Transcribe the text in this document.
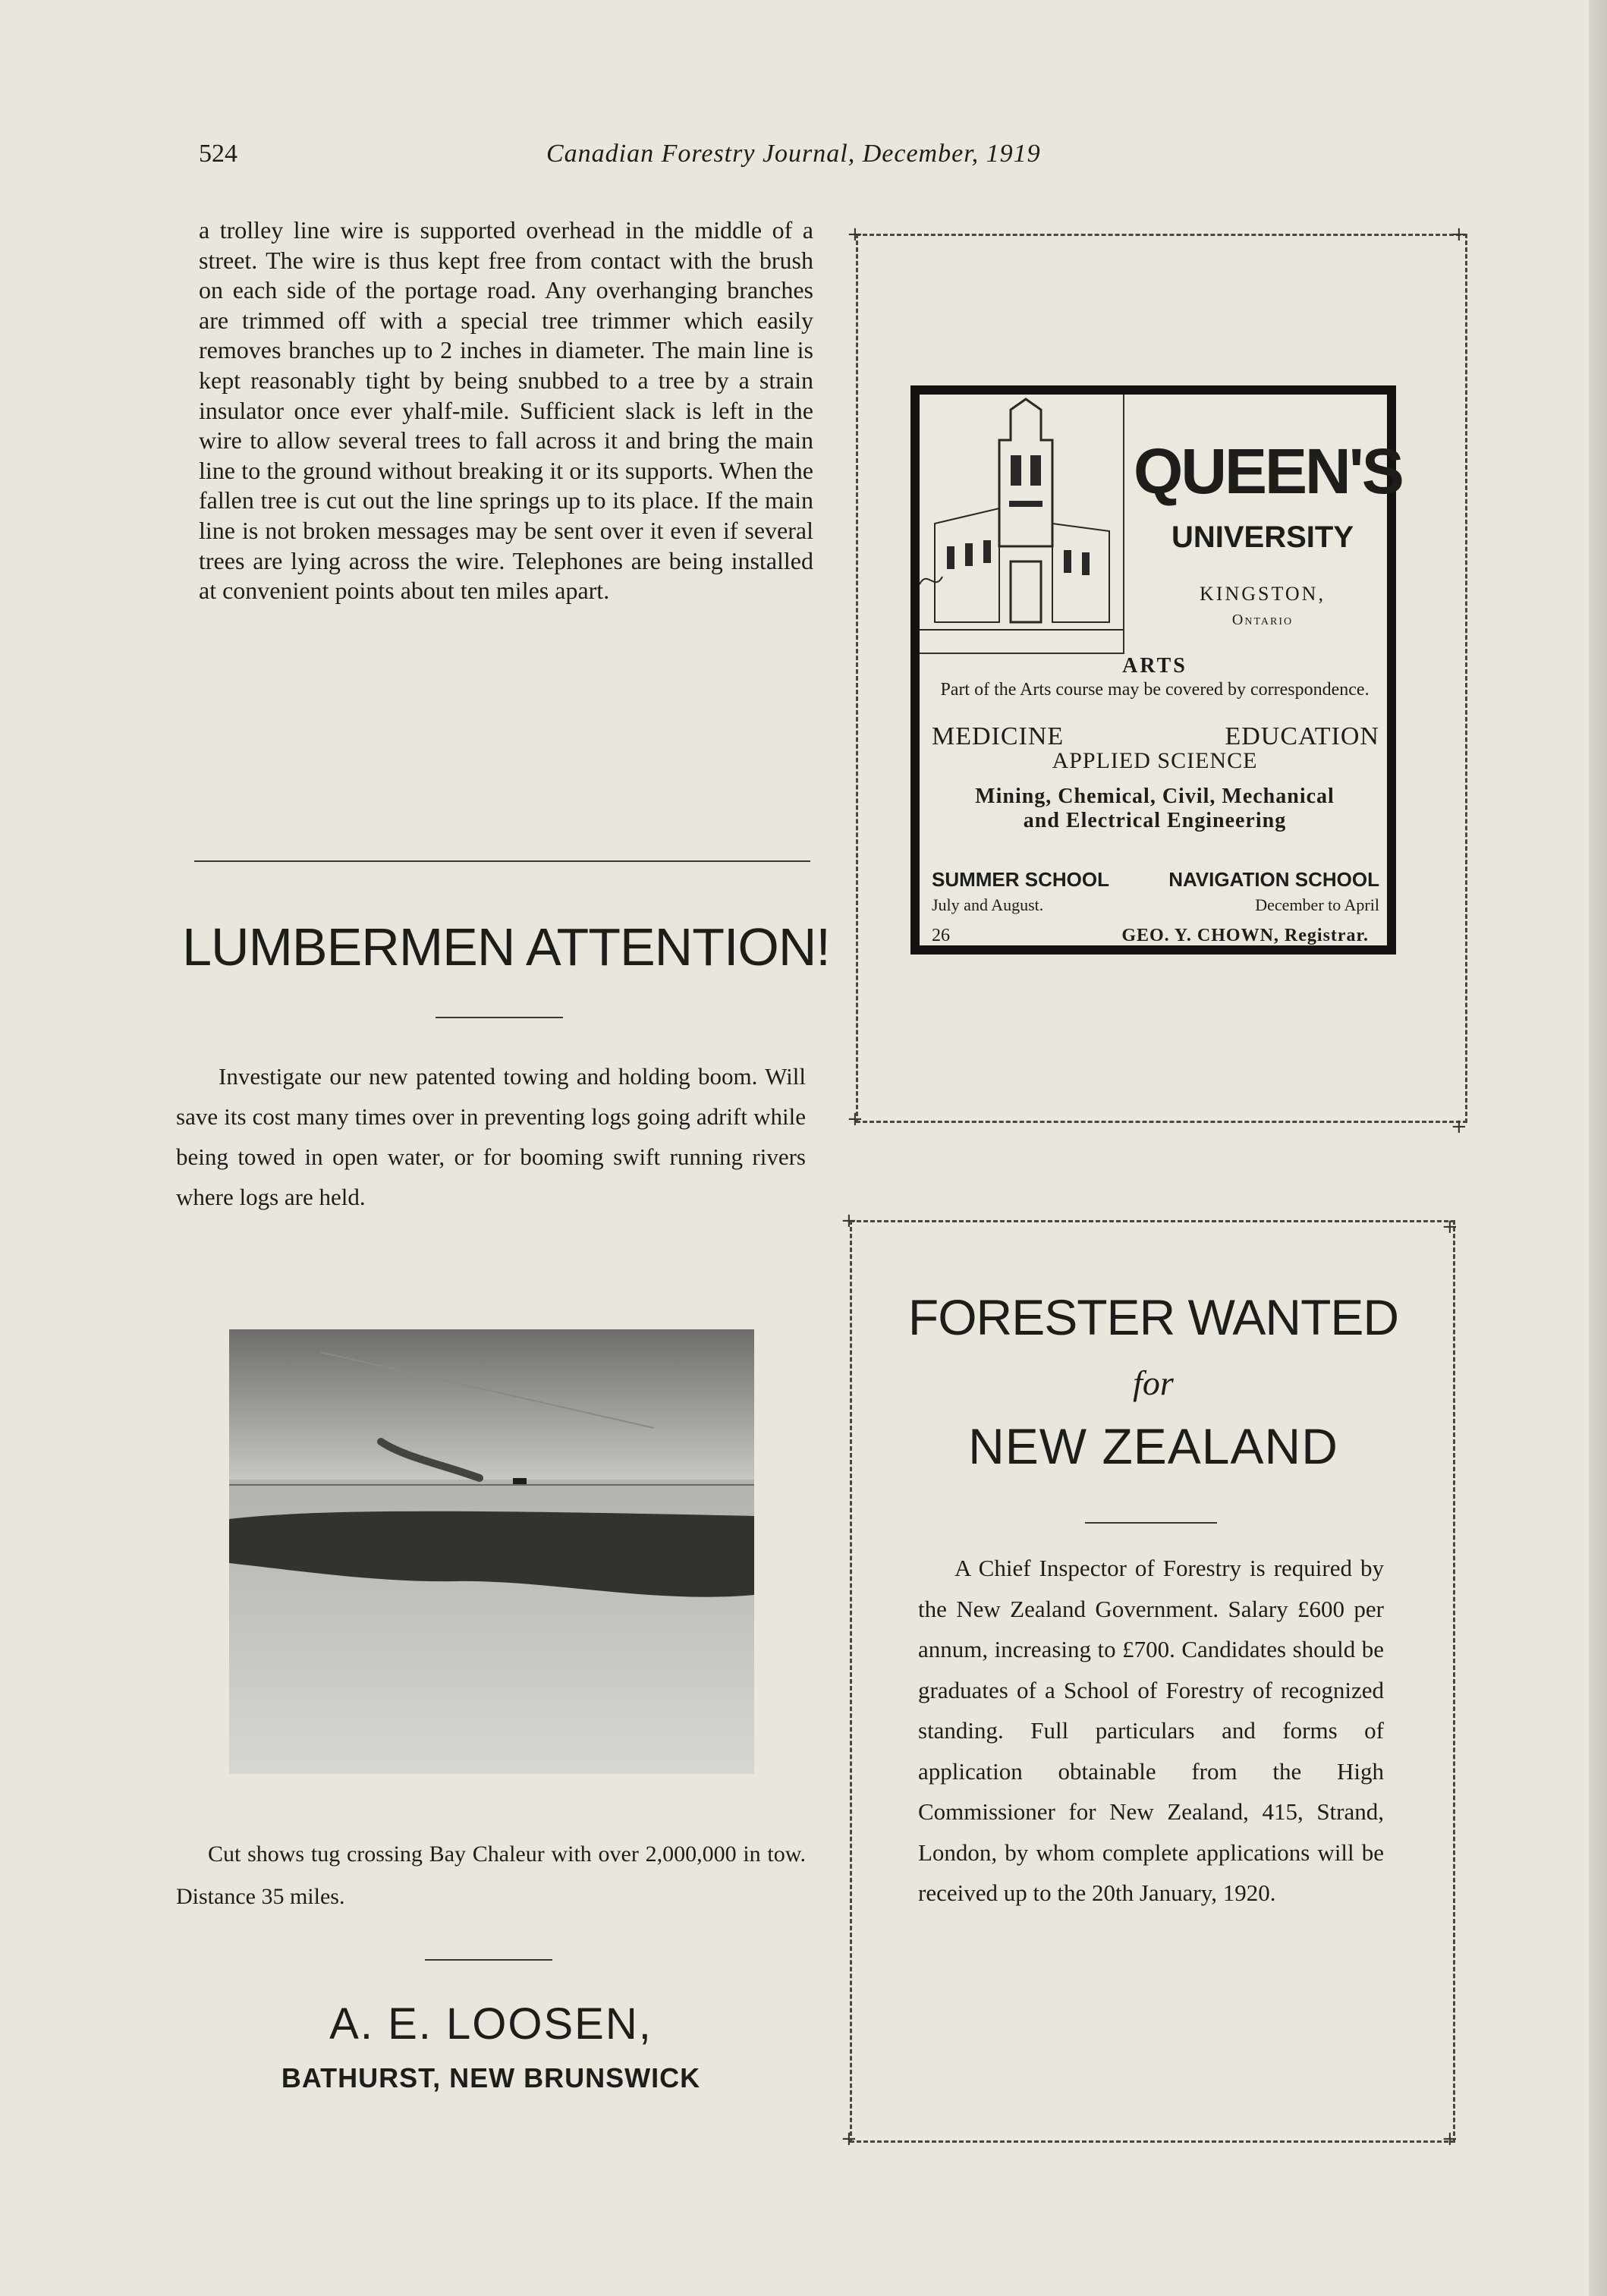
524	Canadian Forestry Journal, December, 1919
a trolley line wire is supported overhead in the middle of a street. The wire is thus kept free from contact with the brush on each side of the portage road. Any overhanging branches are trimmed off with a special tree trimmer which easily removes branches up to 2 inches in diameter. The main line is kept reasonably tight by being snubbed to a tree by a strain insulator once ever yhalf-mile. Sufficient slack is left in the wire to allow several trees to fall across it and bring the main line to the ground without breaking it or its supports. When the fallen tree is cut out the line springs up to its place. If the main line is not broken messages may be sent over it even if several trees are lying across the wire. Telephones are being installed at convenient points about ten miles apart.
LUMBERMEN ATTENTION!
Investigate our new patented towing and holding boom. Will save its cost many times over in preventing logs going adrift while being towed in open water, or for booming swift running rivers where logs are held.
Cut shows tug crossing Bay Chaleur with over 2,000,000 in tow. Distance 35 miles.
A. E. LOOSEN,
BATHURST, NEW BRUNSWICK
+	+
+	+
QUEEN'S
UNIVERSITY
KINGSTON,
Ontario
ARTS
Part of the Arts course may be covered by correspondence.
MEDICINE	EDUCATION
APPLIED SCIENCE
Mining, Chemical, Civil, Mechanical and Electrical Engineering
SUMMER SCHOOL	NAVIGATION SCHOOL
July and August.	December to April
26	GEO. Y. CHOWN, Registrar.
+	+
+	+
FORESTER WANTED
for
NEW ZEALAND
A Chief Inspector of Forestry is required by the New Zealand Government. Salary £600 per annum, increasing to £700. Candidates should be graduates of a School of Forestry of recognized standing. Full particulars and forms of application obtainable from the High Commissioner for New Zealand, 415, Strand, London, by whom complete applications will be received up to the 20th January, 1920.
